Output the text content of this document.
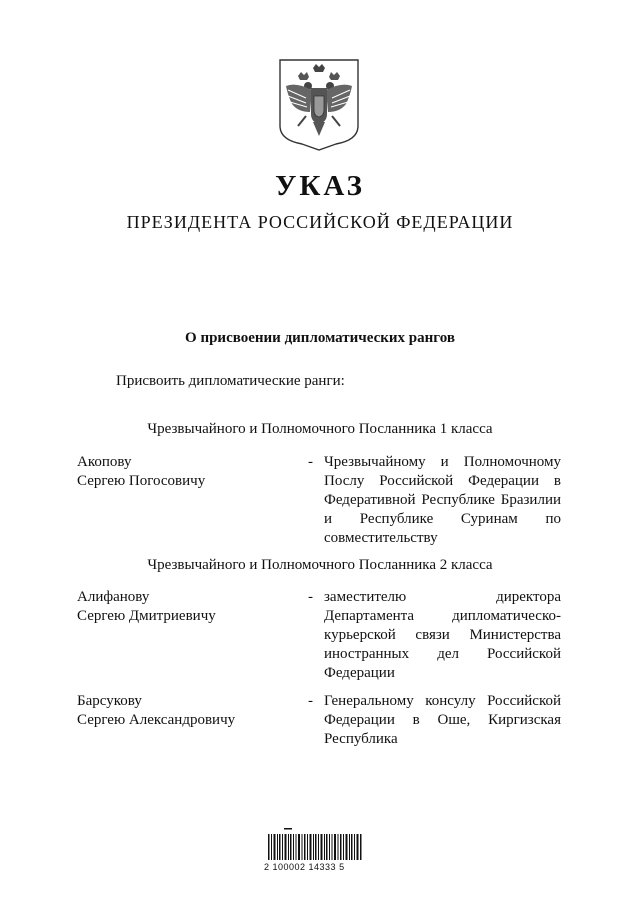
УКАЗ
ПРЕЗИДЕНТА РОССИЙСКОЙ ФЕДЕРАЦИИ
О присвоении дипломатических рангов
Присвоить дипломатические ранги:
Чрезвычайного и Полномочного Посланника 1 класса
Акопову
Сергею Погосовичу
- Чрезвычайному и Полномочному Послу Российской Федерации в Федеративной Республике Бразилии и Республике Суринам по совместительству
Чрезвычайного и Полномочного Посланника 2 класса
Алифанову
Сергею Дмитриевичу
- заместителю директора Департамента дипломатическо-курьерской связи Министерства иностранных дел Российской Федерации
Барсукову
Сергею Александровичу
- Генеральному консулу Российской Федерации в Оше, Киргизская Республика
2 100002 14333 5
